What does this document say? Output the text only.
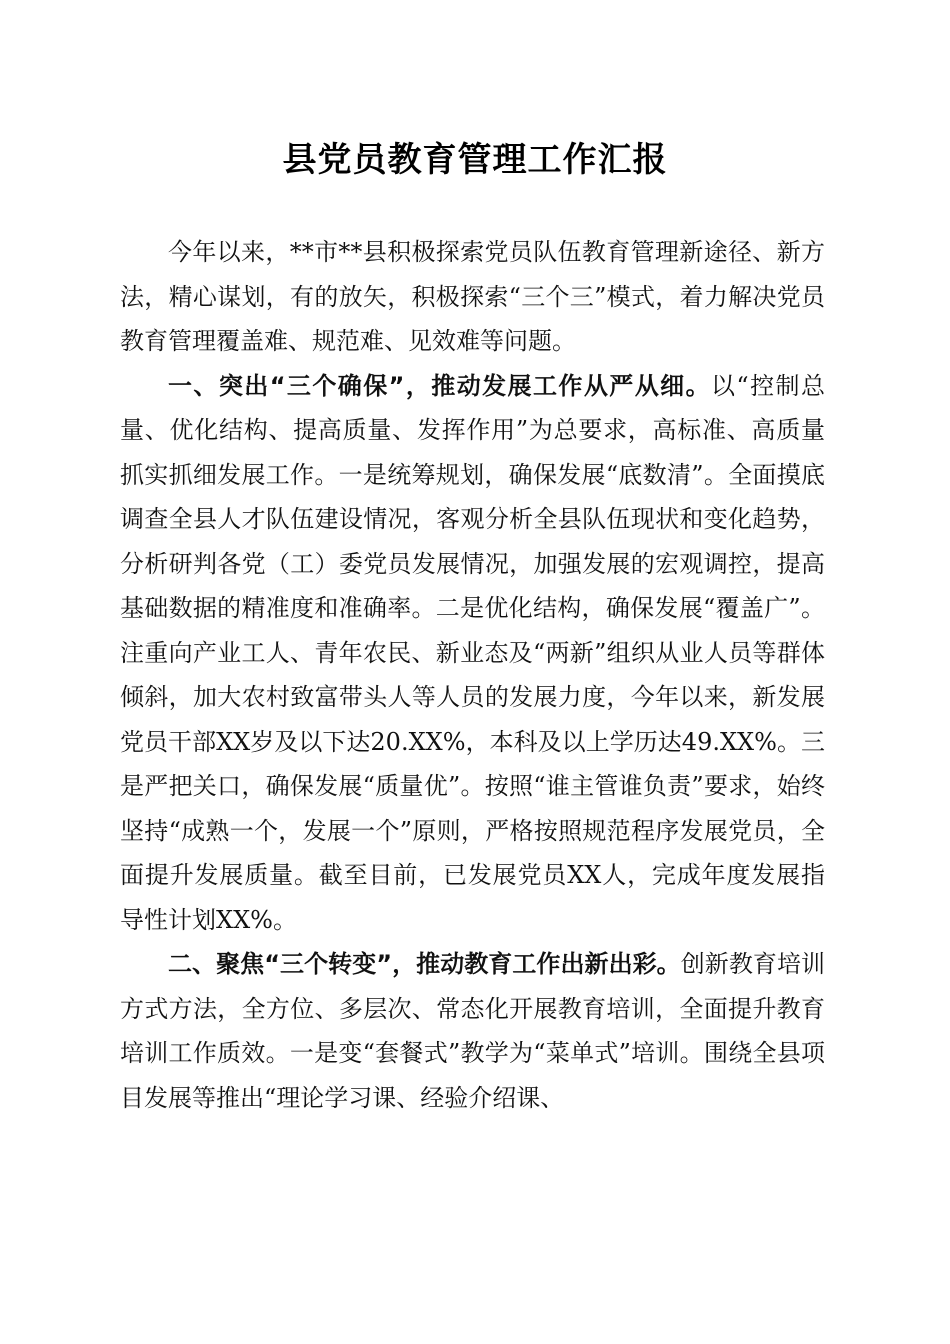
县党员教育管理工作汇报

今年以来，**市**县积极探索党员队伍教育管理新途径、新方法，精心谋划，有的放矢，积极探索“三个三”模式，着力解决党员教育管理覆盖难、规范难、见效难等问题。

一、突出“三个确保”，推动发展工作从严从细。以“控制总量、优化结构、提高质量、发挥作用”为总要求，高标准、高质量抓实抓细发展工作。一是统筹规划，确保发展“底数清”。全面摸底调查全县人才队伍建设情况，客观分析全县队伍现状和变化趋势，分析研判各党（工）委党员发展情况，加强发展的宏观调控，提高基础数据的精准度和准确率。二是优化结构，确保发展“覆盖广”。注重向产业工人、青年农民、新业态及“两新”组织从业人员等群体倾斜，加大农村致富带头人等人员的发展力度，今年以来，新发展党员干部XX岁及以下达20.XX%，本科及以上学历达49.XX%。三是严把关口，确保发展“质量优”。按照“谁主管谁负责”要求，始终坚持“成熟一个，发展一个”原则，严格按照规范程序发展党员，全面提升发展质量。截至目前，已发展党员XX人，完成年度发展指导性计划XX%。

二、聚焦“三个转变”，推动教育工作出新出彩。创新教育培训方式方法，全方位、多层次、常态化开展教育培训，全面提升教育培训工作质效。一是变“套餐式”教学为“菜单式”培训。围绕全县项目发展等推出“理论学习课、经验介绍课、
